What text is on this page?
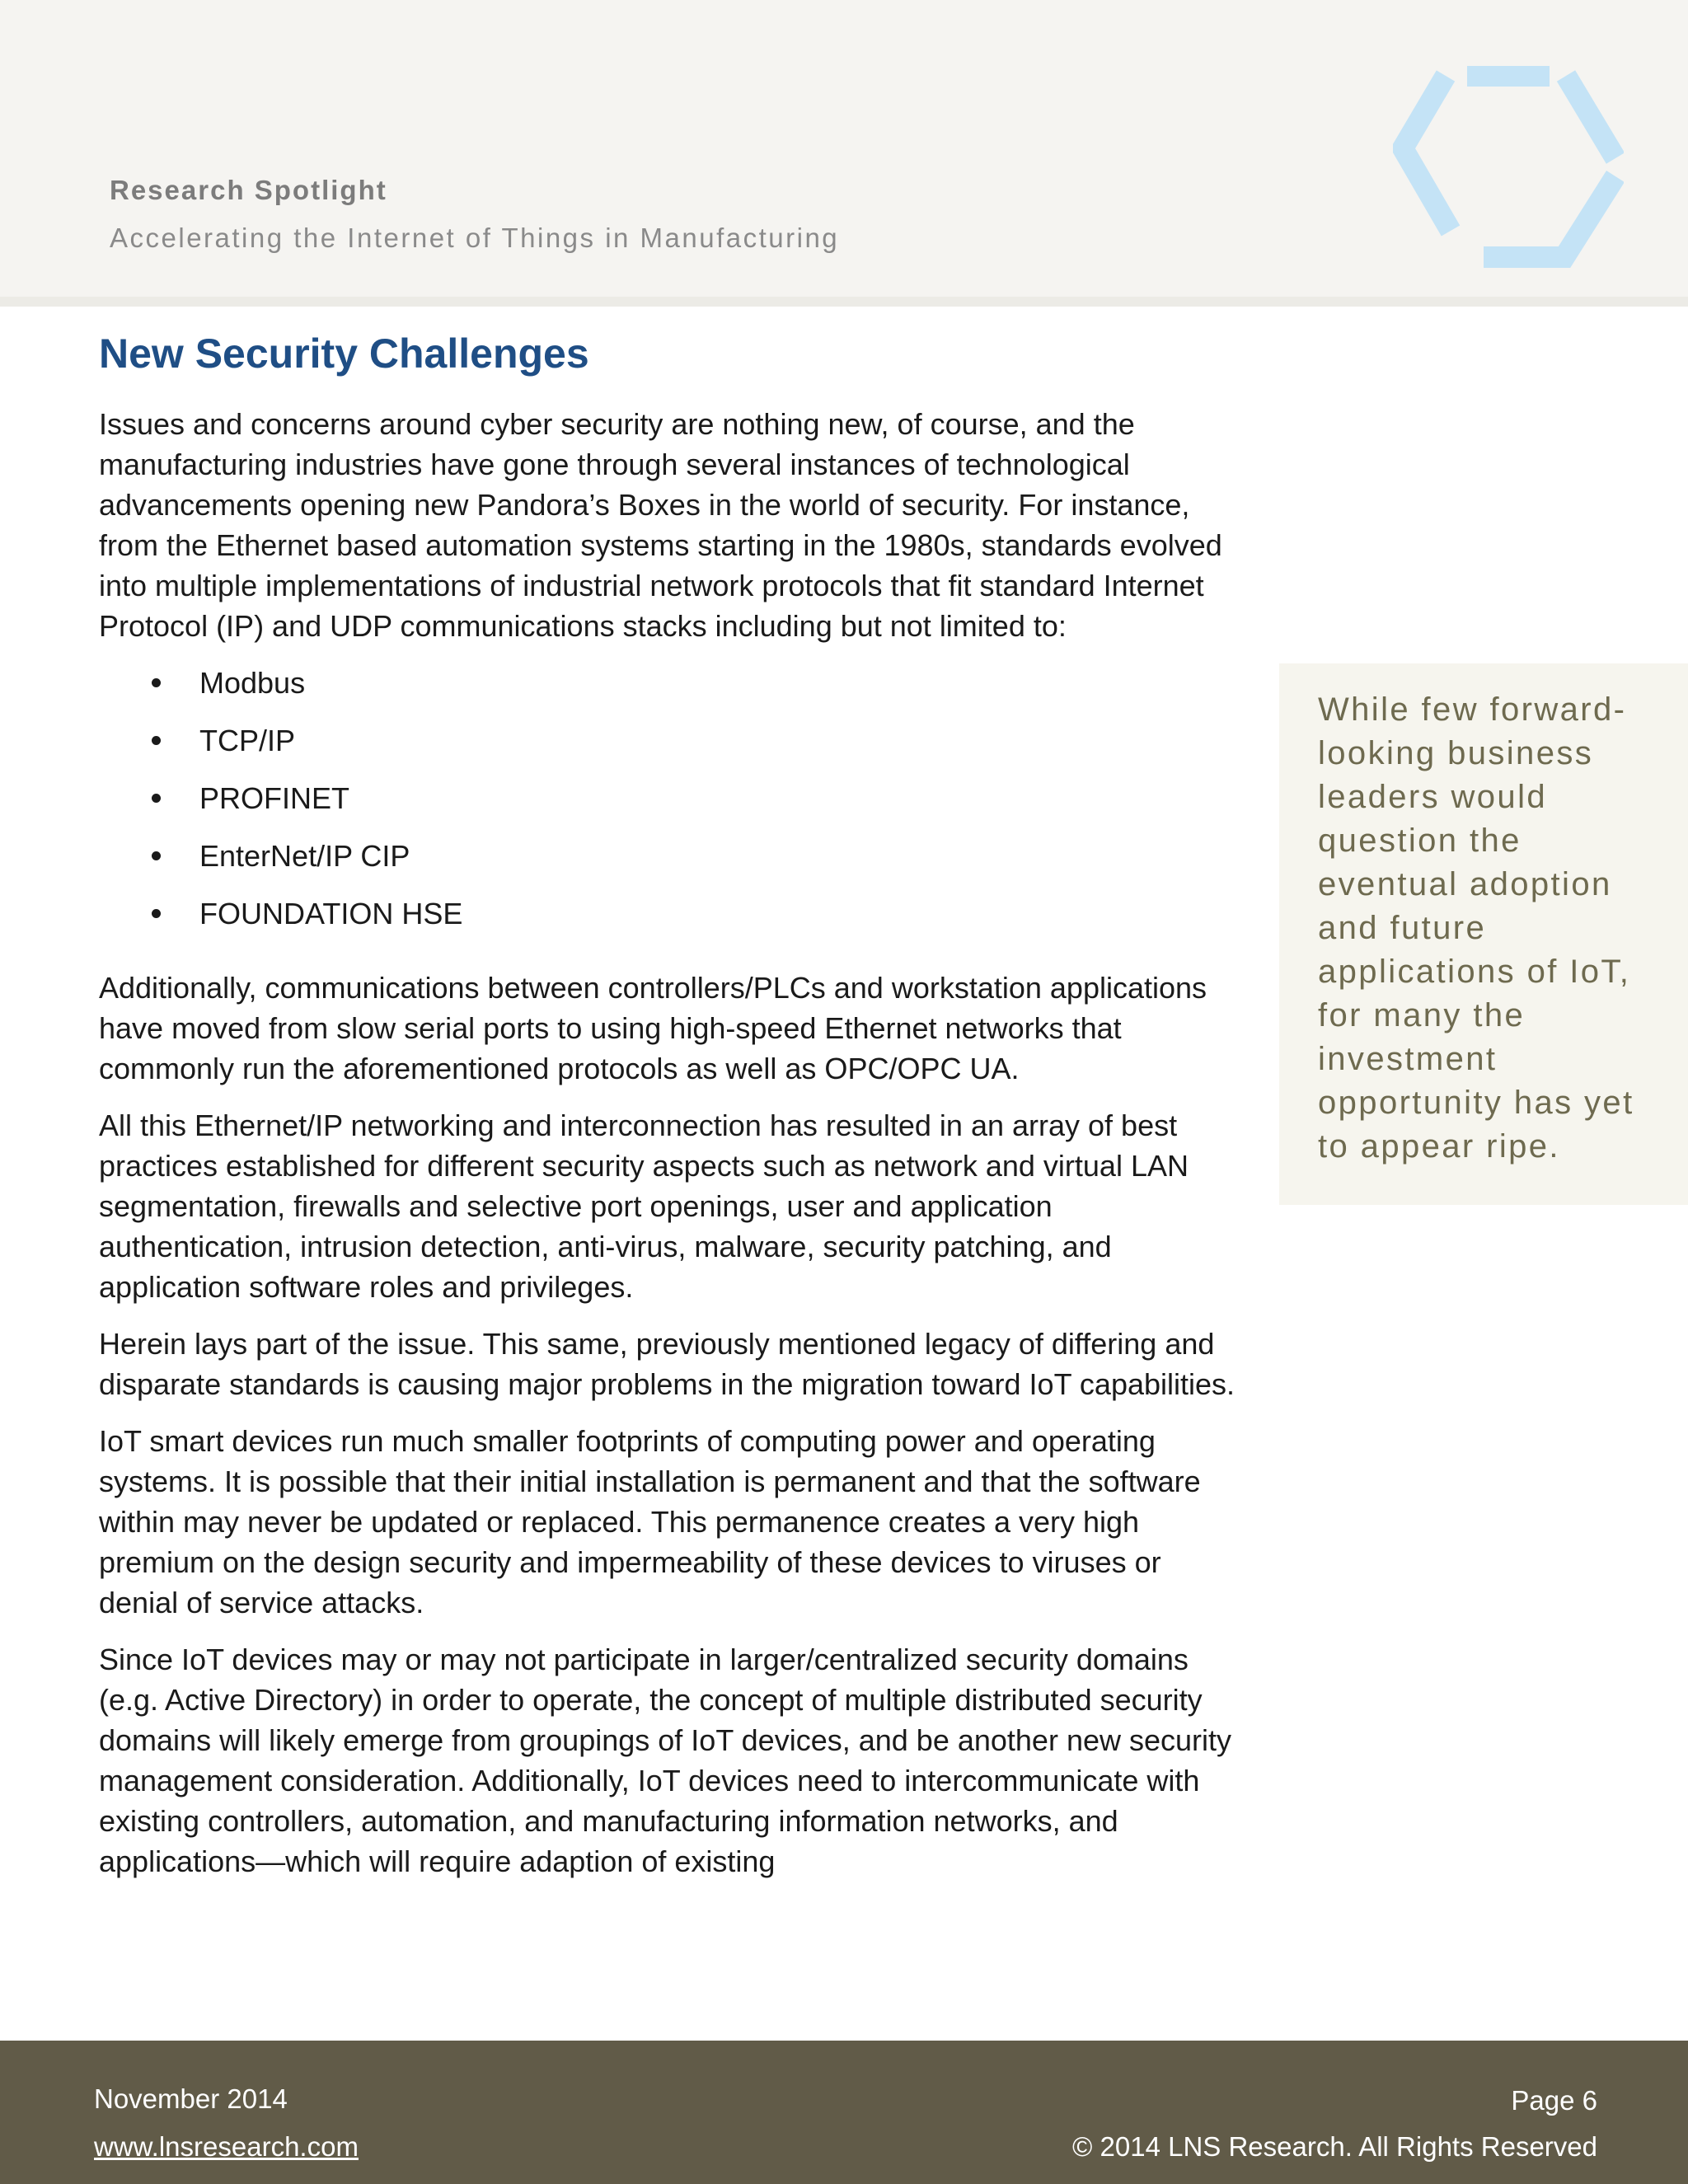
Research Spotlight
Accelerating the Internet of Things in Manufacturing
New Security Challenges

Issues and concerns around cyber security are nothing new, of course, and the manufacturing industries have gone through several instances of technological advancements opening new Pandora’s Boxes in the world of security. For instance, from the Ethernet based automation systems starting in the 1980s, standards evolved into multiple implementations of industrial network protocols that fit standard Internet Protocol (IP) and UDP communications stacks including but not limited to:

Modbus
TCP/IP
PROFINET
EnterNet/IP CIP
FOUNDATION HSE

Additionally, communications between controllers/PLCs and workstation applications have moved from slow serial ports to using high-speed Ethernet networks that commonly run the aforementioned protocols as well as OPC/OPC UA.

All this Ethernet/IP networking and interconnection has resulted in an array of best practices established for different security aspects such as network and virtual LAN segmentation, firewalls and selective port openings, user and application authentication, intrusion detection, anti-virus, malware, security patching, and application software roles and privileges.

Herein lays part of the issue. This same, previously mentioned legacy of differing and disparate standards is causing major problems in the migration toward IoT capabilities.

IoT smart devices run much smaller footprints of computing power and operating systems. It is possible that their initial installation is permanent and that the software within may never be updated or replaced. This permanence creates a very high premium on the design security and impermeability of these devices to viruses or denial of service attacks.

Since IoT devices may or may not participate in larger/centralized security domains (e.g. Active Directory) in order to operate, the concept of multiple distributed security domains will likely emerge from groupings of IoT devices, and be another new security management consideration. Additionally, IoT devices need to intercommunicate with existing controllers, automation, and manufacturing information networks, and applications—which will require adaption of existing

While few forward-looking business leaders would question the eventual adoption and future applications of IoT, for many the investment opportunity has yet to appear ripe.
November 2014
www.lnsresearch.com
Page 6
© 2014 LNS Research. All Rights Reserved
